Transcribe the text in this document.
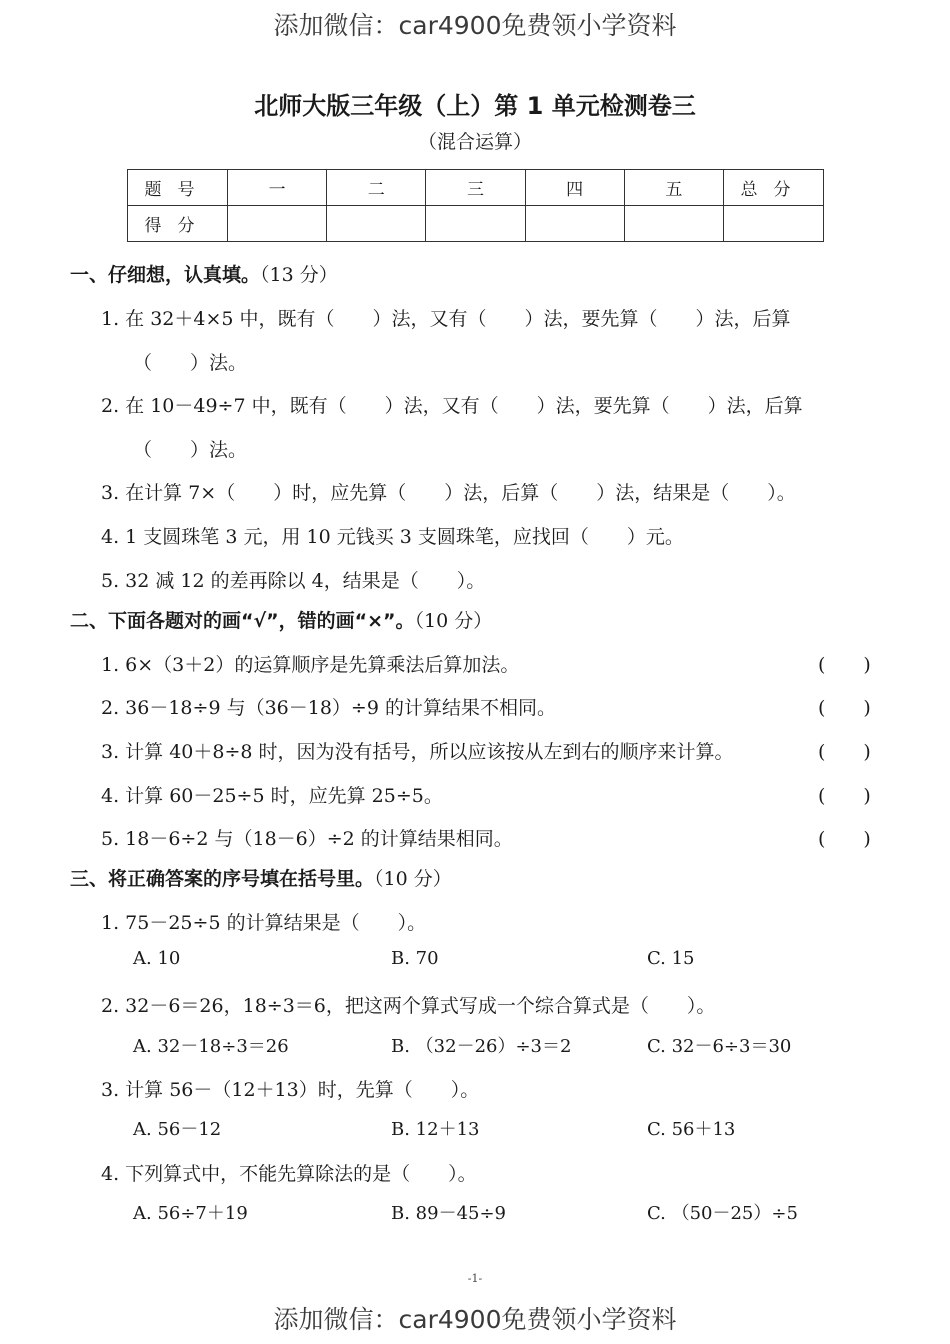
添加微信：car4900免费领小学资料
北师大版三年级（上）第 1 单元检测卷三
（混合运算）
题号	一	二	三	四	五	总分
得分						
一、仔细想，认真填。（13 分）
1. 在 32＋4×5 中，既有（　　）法，又有（　　）法，要先算（　　）法，后算
（　　）法。
2. 在 10－49÷7 中，既有（　　）法，又有（　　）法，要先算（　　）法，后算
（　　）法。
3. 在计算 7×（　　）时，应先算（　　）法，后算（　　）法，结果是（　　）。
4. 1 支圆珠笔 3 元，用 10 元钱买 3 支圆珠笔，应找回（　　）元。
5. 32 减 12 的差再除以 4，结果是（　　）。
二、下面各题对的画“√”，错的画“×”。（10 分）
1. 6×（3＋2）的运算顺序是先算乘法后算加法。	(　　)
2. 36－18÷9 与（36－18）÷9 的计算结果不相同。	(　　)
3. 计算 40＋8÷8 时，因为没有括号，所以应该按从左到右的顺序来计算。	(　　)
4. 计算 60－25÷5 时，应先算 25÷5。	(　　)
5. 18－6÷2 与（18－6）÷2 的计算结果相同。	(　　)
三、将正确答案的序号填在括号里。（10 分）
1. 75－25÷5 的计算结果是（　　）。
A. 10	B. 70	C. 15
2. 32－6＝26，18÷3＝6，把这两个算式写成一个综合算式是（　　）。
A. 32－18÷3＝26	B. （32－26）÷3＝2	C. 32－6÷3＝30
3. 计算 56－（12＋13）时，先算（　　）。
A. 56－12	B. 12＋13	C. 56＋13
4. 下列算式中，不能先算除法的是（　　）。
A. 56÷7＋19	B. 89－45÷9	C. （50－25）÷5
-1-
添加微信：car4900免费领小学资料
